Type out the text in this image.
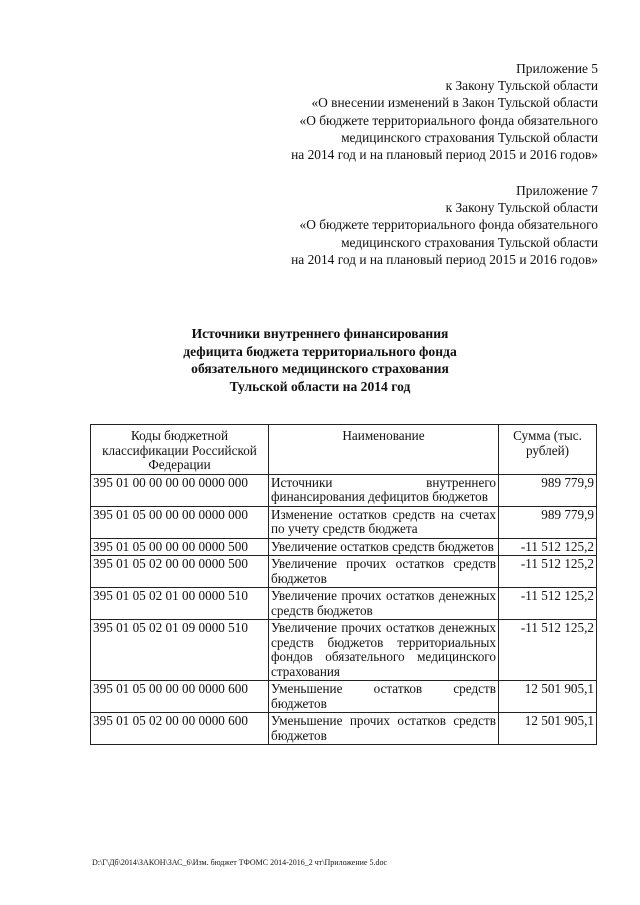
Приложение 5
к Закону Тульской области
«О внесении изменений в Закон Тульской области
«О бюджете территориального фонда обязательного
медицинского страхования Тульской области
на 2014 год и на плановый период 2015 и 2016 годов»
Приложение 7
к Закону Тульской области
«О бюджете территориального фонда обязательного
медицинского страхования Тульской области
на 2014 год и на плановый период 2015 и 2016 годов»
Источники внутреннего финансирования
дефицита бюджета территориального фонда
обязательного медицинского страхования
Тульской области на 2014 год
Коды бюджетной классификации Российской Федерации	Наименование	Сумма (тыс. рублей)
395 01 00 00 00 00 0000 000	Источники внутреннего финансирования дефицитов бюджетов	989 779,9
395 01 05 00 00 00 0000 000	Изменение остатков средств на счетах по учету средств бюджета	989 779,9
395 01 05 00 00 00 0000 500	Увеличение остатков средств бюджетов	-11 512 125,2
395 01 05 02 00 00 0000 500	Увеличение прочих остатков средств бюджетов	-11 512 125,2
395 01 05 02 01 00 0000 510	Увеличение прочих остатков денежных средств бюджетов	-11 512 125,2
395 01 05 02 01 09 0000 510	Увеличение прочих остатков денежных средств бюджетов территориальных фондов обязательного медицинского страхования	-11 512 125,2
395 01 05 00 00 00 0000 600	Уменьшение остатков средств бюджетов	12 501 905,1
395 01 05 02 00 00 0000 600	Уменьшение прочих остатков средств бюджетов	12 501 905,1
D:\Г\Дб\2014\ЗАКОН\ЗАС_6\Изм. бюджет ТФОМС 2014-2016_2 чт\Приложение 5.doc
